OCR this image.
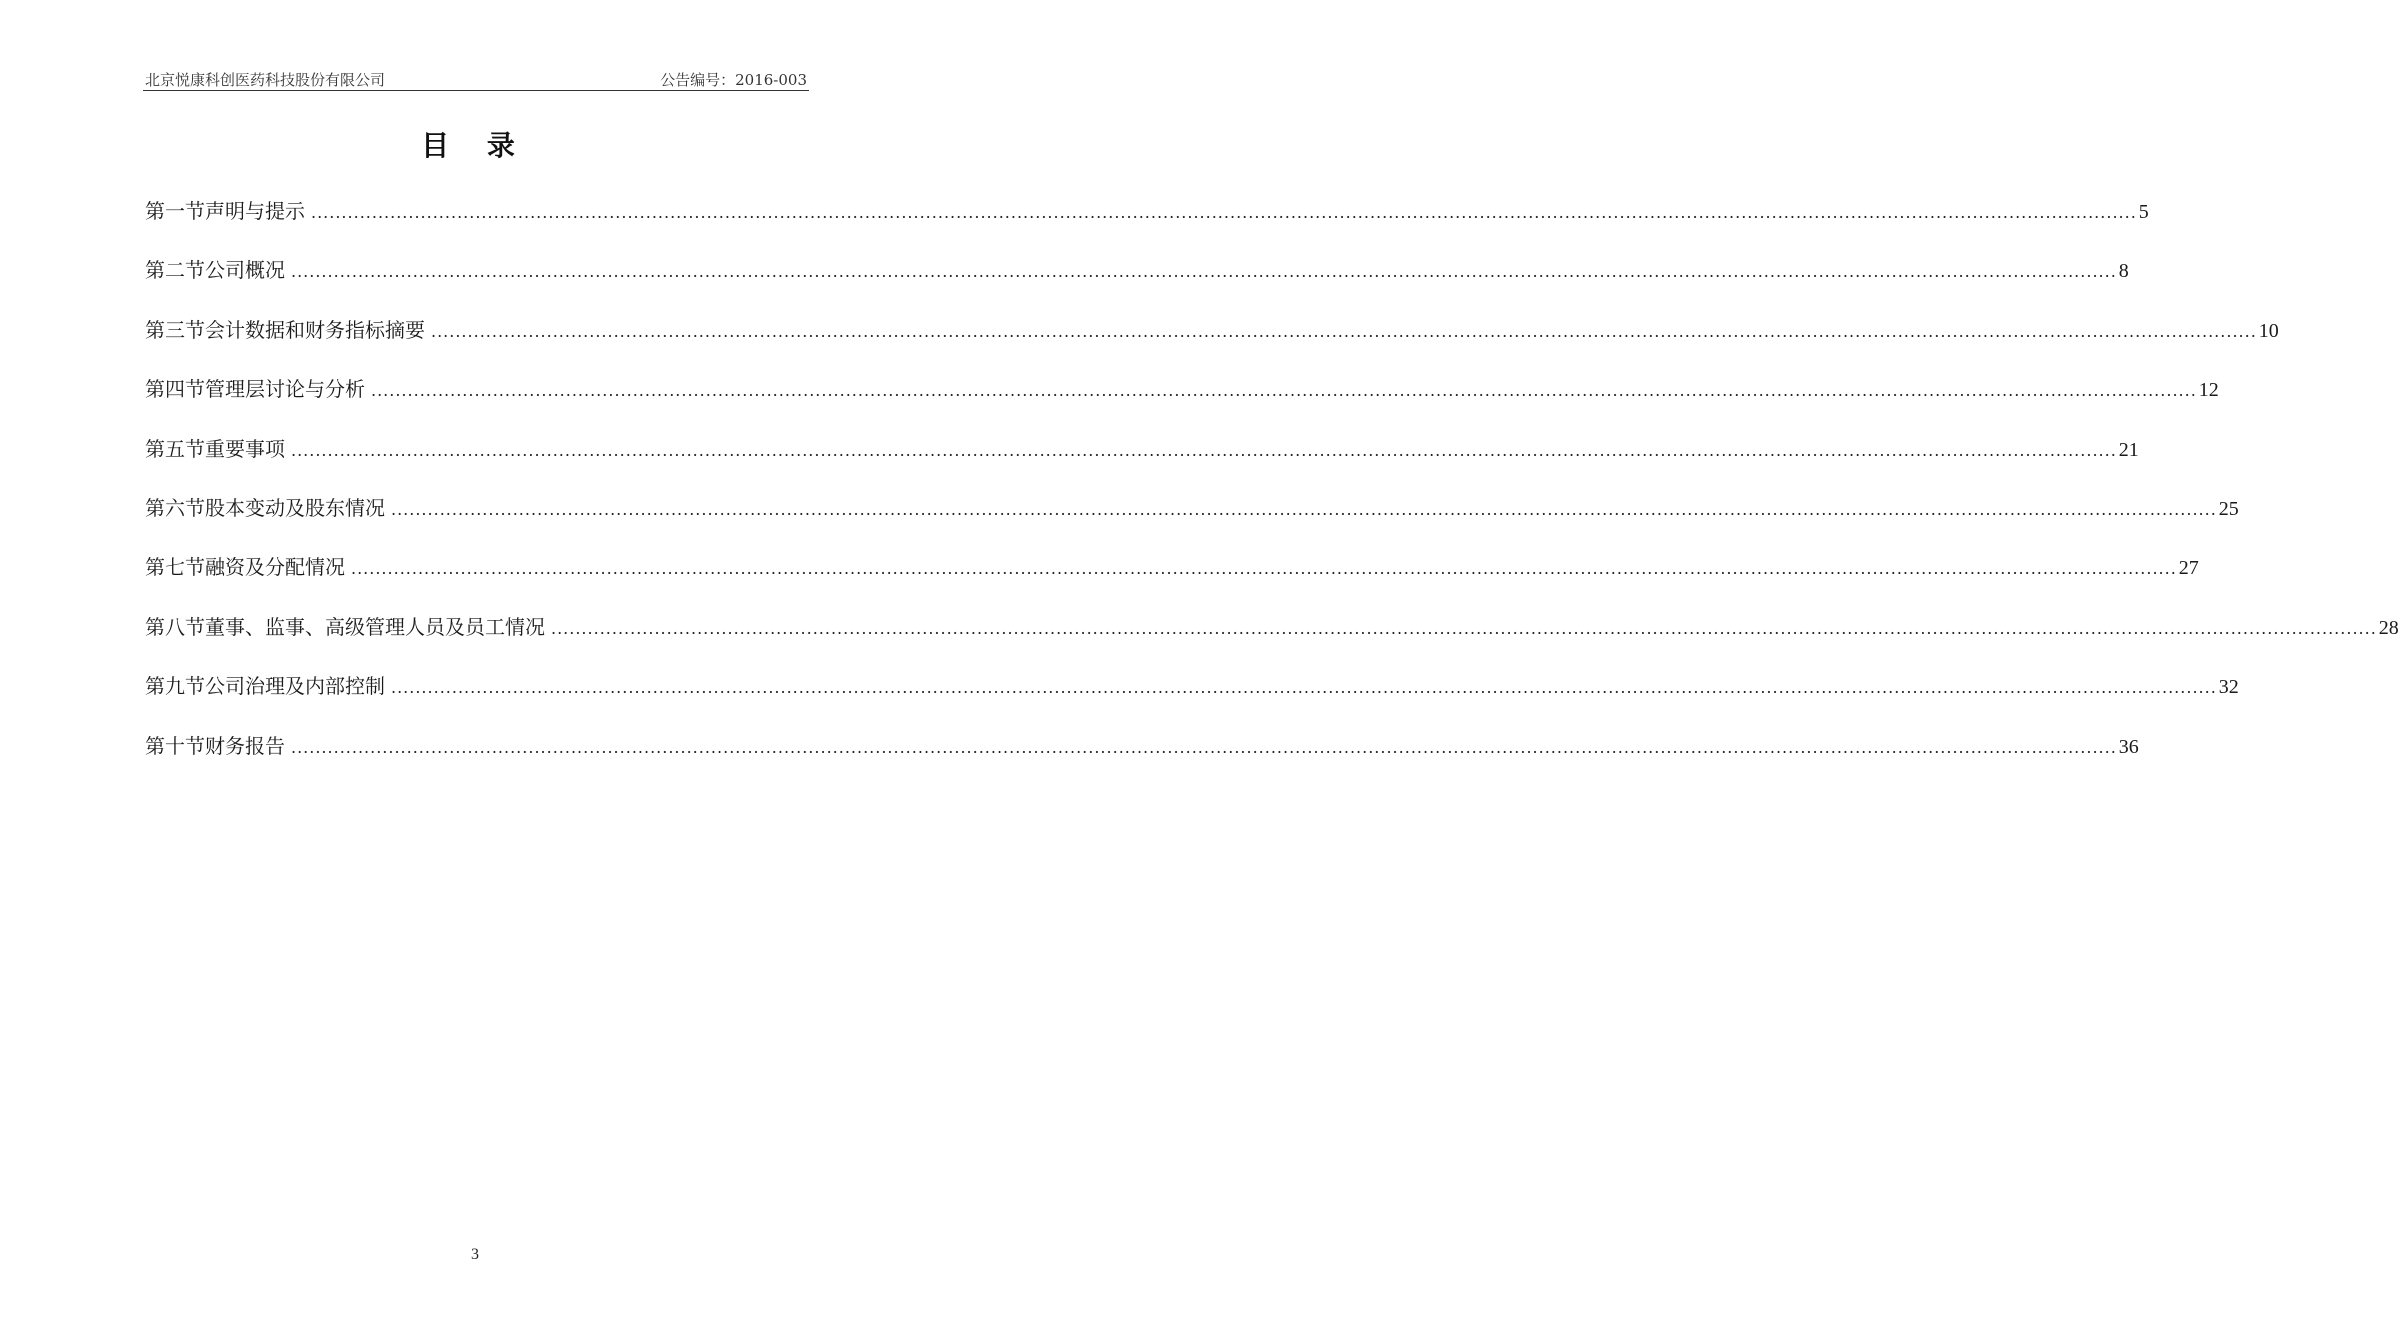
北京悦康科创医药科技股份有限公司	公告编号：2016-003
目 录
第一节 声明与提示 ............................................................................................................................................................................................................................................................................................................ 5
第二节 公司概况 ............................................................................................................................................................................................................................................................................................................ 8
第三节 会计数据和财务指标摘要 ............................................................................................................................................................................................................................................................................................................ 10
第四节 管理层讨论与分析 ............................................................................................................................................................................................................................................................................................................ 12
第五节 重要事项 ............................................................................................................................................................................................................................................................................................................ 21
第六节 股本变动及股东情况 ............................................................................................................................................................................................................................................................................................................ 25
第七节 融资及分配情况 ............................................................................................................................................................................................................................................................................................................ 27
第八节 董事、监事、高级管理人员及员工情况 ............................................................................................................................................................................................................................................................................................................ 28
第九节 公司治理及内部控制 ............................................................................................................................................................................................................................................................................................................ 32
第十节 财务报告 ............................................................................................................................................................................................................................................................................................................ 36
3
